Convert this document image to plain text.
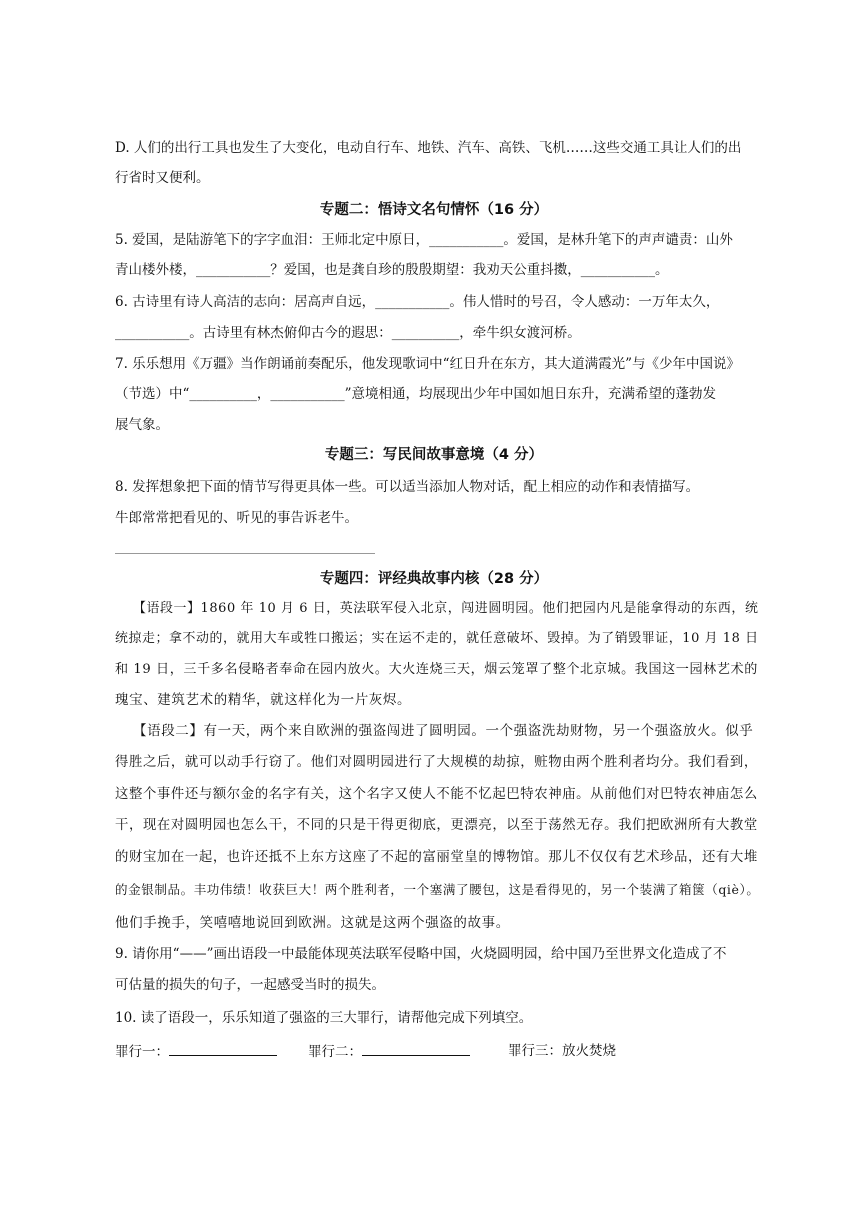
D. 人们的出行工具也发生了大变化，电动自行车、地铁、汽车、高铁、飞机……这些交通工具让人们的出
行省时又便利。
专题二：悟诗文名句情怀（16 分）
5. 爱国，是陆游笔下的字字血泪：王师北定中原日，___________。爱国，是林升笔下的声声谴责：山外
青山楼外楼，___________？爱国，也是龚自珍的殷殷期望：我劝天公重抖擞，___________。
6. 古诗里有诗人高洁的志向：居高声自远，___________。伟人惜时的号召，令人感动：一万年太久，
___________。古诗里有林杰俯仰古今的遐思：__________，牵牛织女渡河桥。
7. 乐乐想用《万疆》当作朗诵前奏配乐，他发现歌词中“红日升在东方，其大道满霞光”与《少年中国说》
（节选）中“__________，___________”意境相通，均展现出少年中国如旭日东升，充满希望的蓬勃发
展气象。
专题三：写民间故事意境（4 分）
8. 发挥想象把下面的情节写得更具体一些。可以适当添加人物对话，配上相应的动作和表情描写。
牛郎常常把看见的、听见的事告诉老牛。
专题四：评经典故事内核（28 分）
【语段一】1860 年 10 月 6 日，英法联军侵入北京，闯进圆明园。他们把园内凡是能拿得动的东西，统
统掠走；拿不动的，就用大车或牲口搬运；实在运不走的，就任意破坏、毁掉。为了销毁罪证，10 月 18 日
和 19 日，三千多名侵略者奉命在园内放火。大火连烧三天，烟云笼罩了整个北京城。我国这一园林艺术的
瑰宝、建筑艺术的精华，就这样化为一片灰烬。
【语段二】有一天，两个来自欧洲的强盗闯进了圆明园。一个强盗洗劫财物，另一个强盗放火。似乎
得胜之后，就可以动手行窃了。他们对圆明园进行了大规模的劫掠，赃物由两个胜利者均分。我们看到，
这整个事件还与额尔金的名字有关，这个名字又使人不能不忆起巴特农神庙。从前他们对巴特农神庙怎么
干，现在对圆明园也怎么干，不同的只是干得更彻底，更漂亮，以至于荡然无存。我们把欧洲所有大教堂
的财宝加在一起，也许还抵不上东方这座了不起的富丽堂皇的博物馆。那儿不仅仅有艺术珍品，还有大堆
的金银制品。丰功伟绩！收获巨大！两个胜利者，一个塞满了腰包，这是看得见的，另一个装满了箱箧（qiè）。
他们手挽手，笑嘻嘻地说回到欧洲。这就是这两个强盗的故事。
9. 请你用“——”画出语段一中最能体现英法联军侵略中国，火烧圆明园，给中国乃至世界文化造成了不
可估量的损失的句子，一起感受当时的损失。
10. 读了语段一，乐乐知道了强盗的三大罪行，请帮他完成下列填空。
罪行一：	罪行二：	罪行三：放火焚烧
